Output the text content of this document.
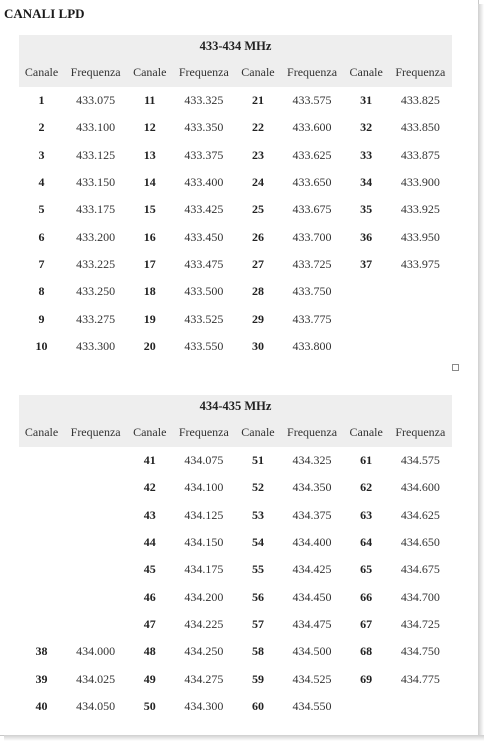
CANALI LPD
433-434 MHz							
Canale	Frequenza	Canale	Frequenza	Canale	Frequenza	Canale	Frequenza
1	433.075	11	433.325	21	433.575	31	433.825
2	433.100	12	433.350	22	433.600	32	433.850
3	433.125	13	433.375	23	433.625	33	433.875
4	433.150	14	433.400	24	433.650	34	433.900
5	433.175	15	433.425	25	433.675	35	433.925
6	433.200	16	433.450	26	433.700	36	433.950
7	433.225	17	433.475	27	433.725	37	433.975
8	433.250	18	433.500	28	433.750		
9	433.275	19	433.525	29	433.775		
10	433.300	20	433.550	30	433.800		
434-435 MHz							
Canale	Frequenza	Canale	Frequenza	Canale	Frequenza	Canale	Frequenza
		41	434.075	51	434.325	61	434.575
		42	434.100	52	434.350	62	434.600
		43	434.125	53	434.375	63	434.625
		44	434.150	54	434.400	64	434.650
		45	434.175	55	434.425	65	434.675
		46	434.200	56	434.450	66	434.700
		47	434.225	57	434.475	67	434.725
38	434.000	48	434.250	58	434.500	68	434.750
39	434.025	49	434.275	59	434.525	69	434.775
40	434.050	50	434.300	60	434.550		
